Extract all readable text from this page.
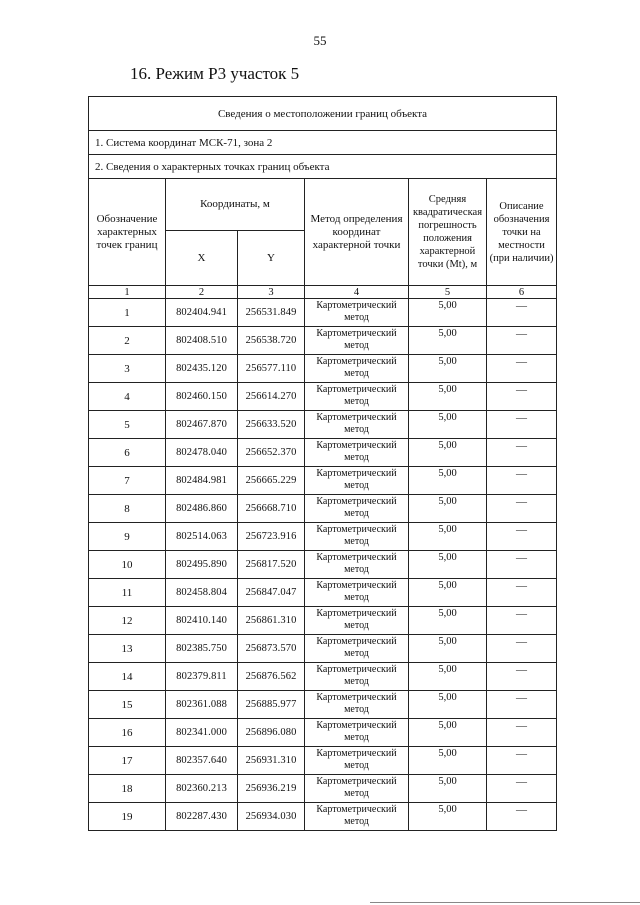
55
16. Режим Р3 участок 5
Сведения о местоположении границ объекта					
1. Система координат МСК-71, зона 2					
2. Сведения о характерных точках границ объекта					
Обозначение характерных точек границ	Координаты, м		Метод определения координат характерной точки	Средняя квадратическая погрешность положения характерной точки (Mt), м	Описание обозначения точки на местности (при наличии)
	X	Y			
1	2	3	4	5	6
1	802404.941	256531.849	Картометрический метод	5,00	—
2	802408.510	256538.720	Картометрический метод	5,00	—
3	802435.120	256577.110	Картометрический метод	5,00	—
4	802460.150	256614.270	Картометрический метод	5,00	—
5	802467.870	256633.520	Картометрический метод	5,00	—
6	802478.040	256652.370	Картометрический метод	5,00	—
7	802484.981	256665.229	Картометрический метод	5,00	—
8	802486.860	256668.710	Картометрический метод	5,00	—
9	802514.063	256723.916	Картометрический метод	5,00	—
10	802495.890	256817.520	Картометрический метод	5,00	—
11	802458.804	256847.047	Картометрический метод	5,00	—
12	802410.140	256861.310	Картометрический метод	5,00	—
13	802385.750	256873.570	Картометрический метод	5,00	—
14	802379.811	256876.562	Картометрический метод	5,00	—
15	802361.088	256885.977	Картометрический метод	5,00	—
16	802341.000	256896.080	Картометрический метод	5,00	—
17	802357.640	256931.310	Картометрический метод	5,00	—
18	802360.213	256936.219	Картометрический метод	5,00	—
19	802287.430	256934.030	Картометрический метод	5,00	—
